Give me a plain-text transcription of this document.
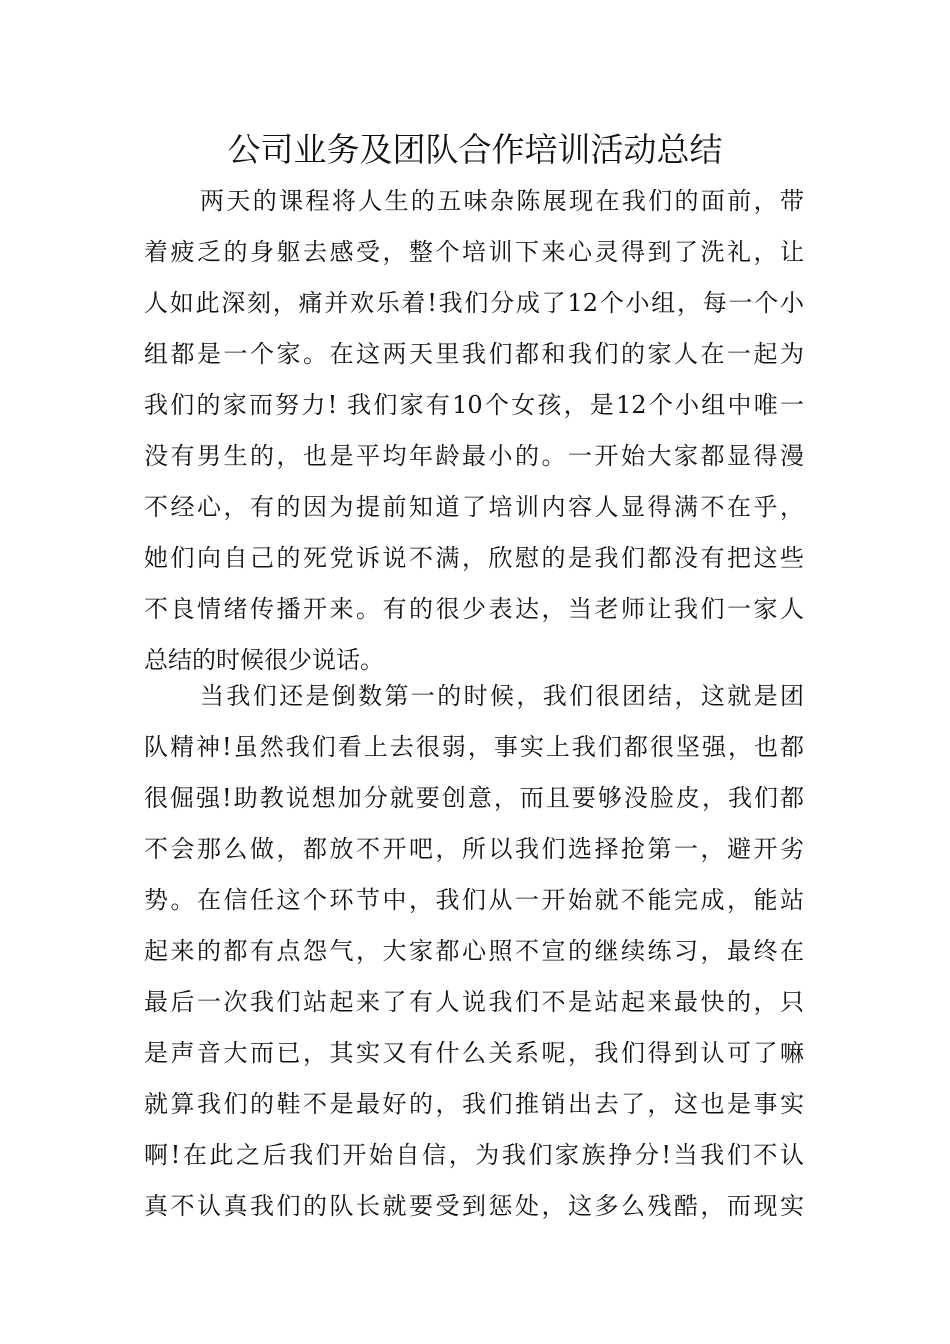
公司业务及团队合作培训活动总结
两天的课程将人生的五味杂陈展现在我们的面前，带
着疲乏的身躯去感受，整个培训下来心灵得到了洗礼，让
人如此深刻，痛并欢乐着!我们分成了12个小组，每一个小
组都是一个家。在这两天里我们都和我们的家人在一起为
我们的家而努力! 我们家有10个女孩，是12个小组中唯一
没有男生的，也是平均年龄最小的。一开始大家都显得漫
不经心，有的因为提前知道了培训内容人显得满不在乎，
她们向自己的死党诉说不满，欣慰的是我们都没有把这些
不良情绪传播开来。有的很少表达，当老师让我们一家人
总结的时候很少说话。
当我们还是倒数第一的时候，我们很团结，这就是团
队精神!虽然我们看上去很弱，事实上我们都很坚强，也都
很倔强!助教说想加分就要创意，而且要够没脸皮，我们都
不会那么做，都放不开吧，所以我们选择抢第一，避开劣
势。在信任这个环节中，我们从一开始就不能完成，能站
起来的都有点怨气，大家都心照不宣的继续练习，最终在
最后一次我们站起来了有人说我们不是站起来最快的，只
是声音大而已，其实又有什么关系呢，我们得到认可了嘛
就算我们的鞋不是最好的，我们推销出去了，这也是事实
啊!在此之后我们开始自信，为我们家族挣分!当我们不认
真不认真我们的队长就要受到惩处，这多么残酷，而现实
